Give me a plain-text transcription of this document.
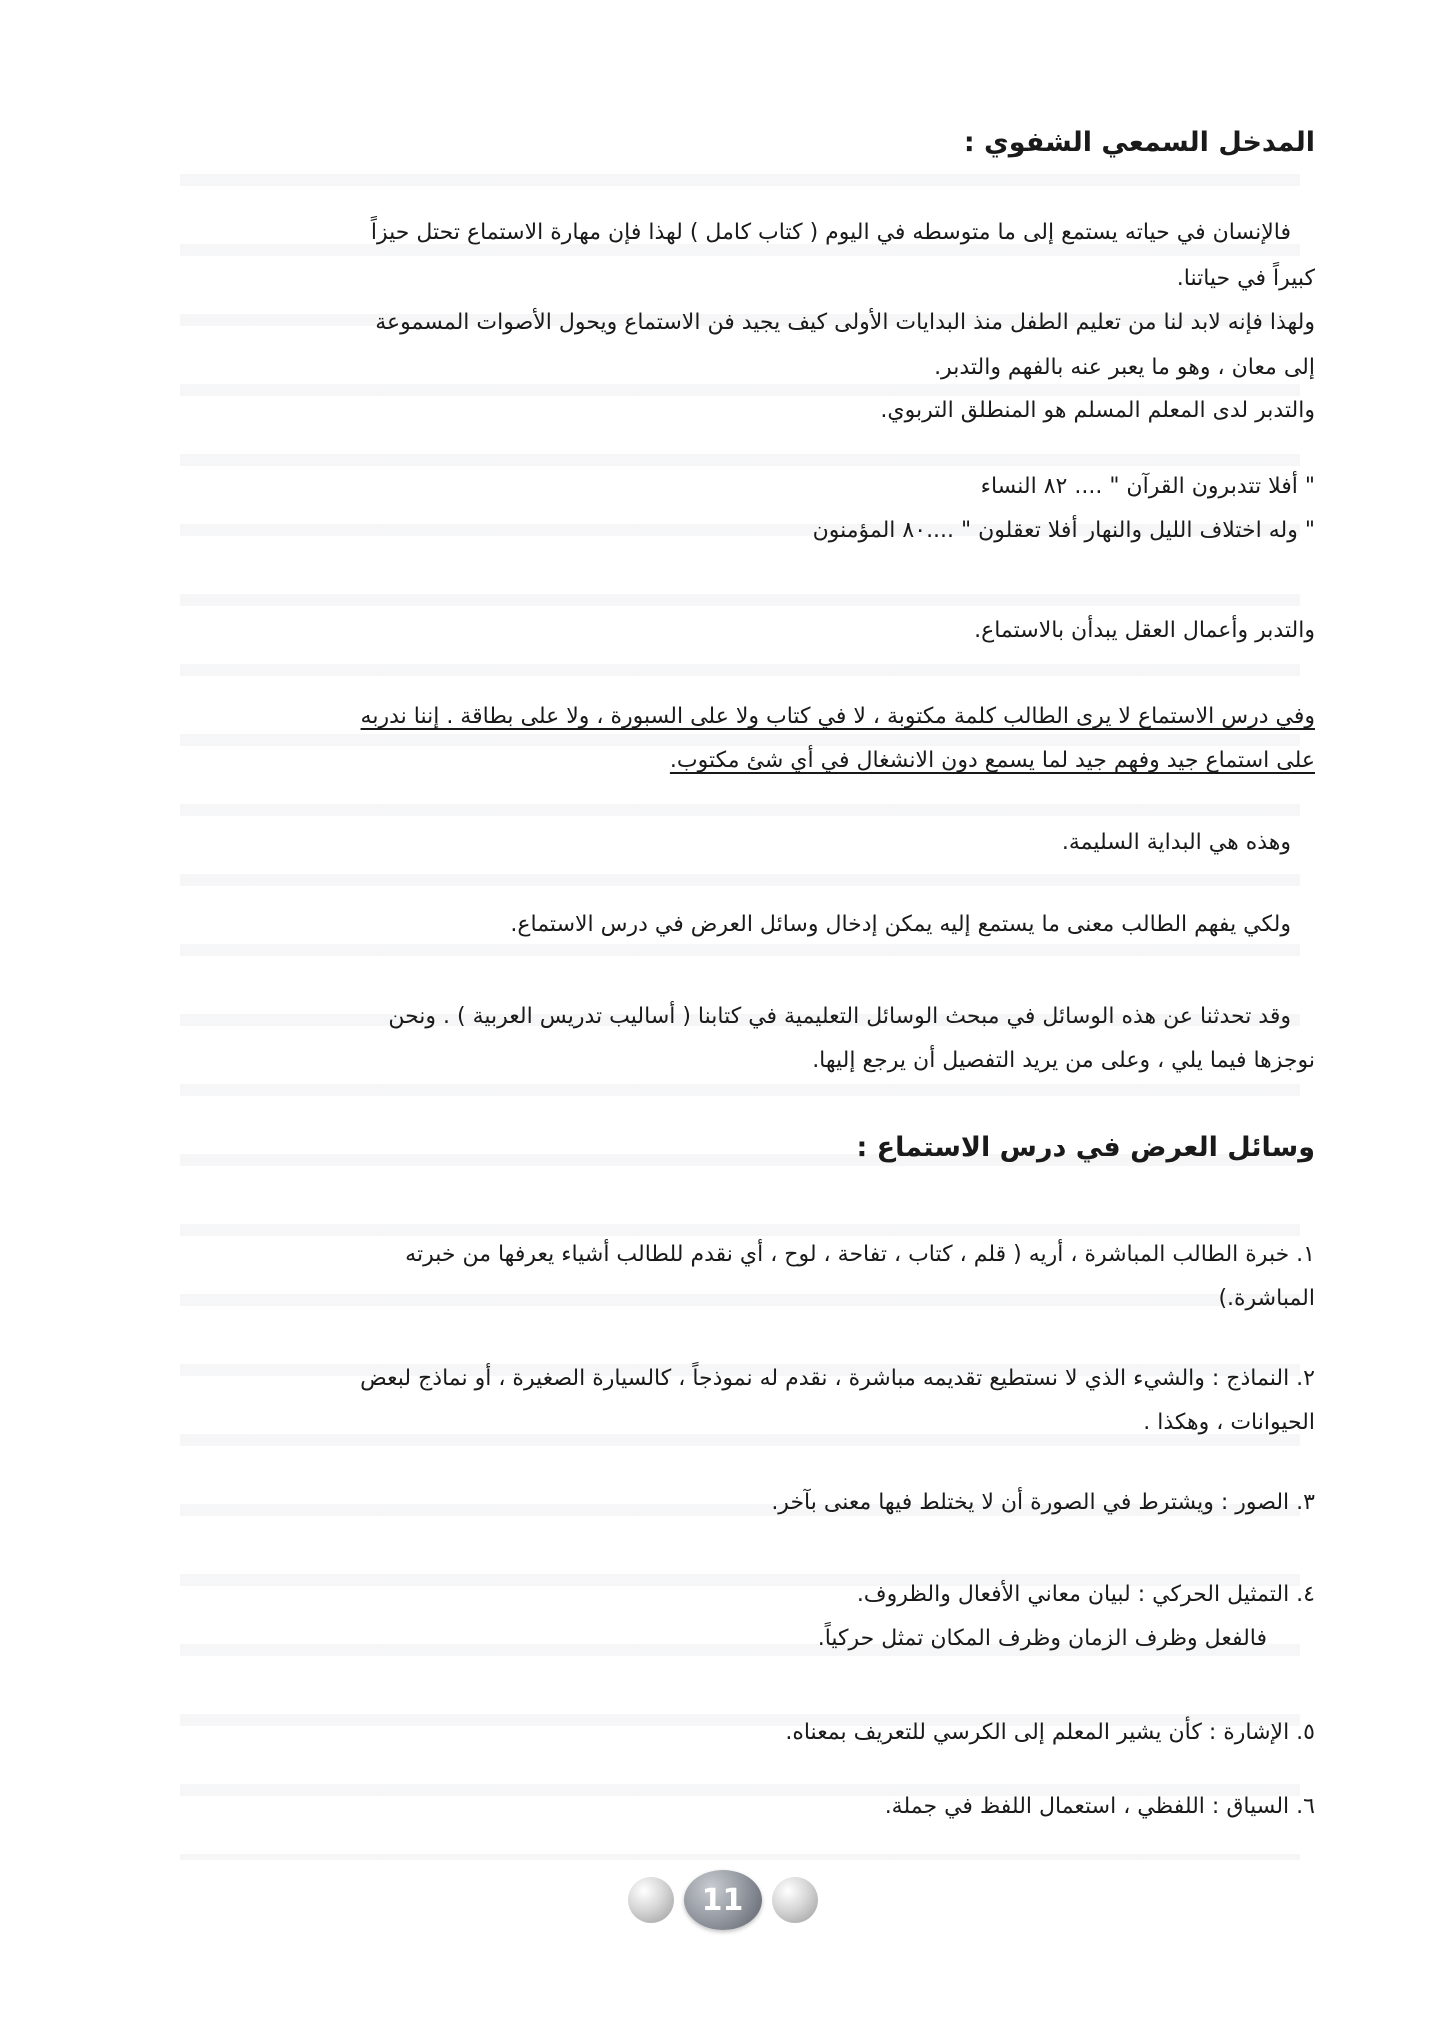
المدخل السمعي الشفوي :
فالإنسان في حياته يستمع إلى ما متوسطه في اليوم ( كتاب كامل ) لهذا فإن مهارة الاستماع تحتل حيزاً
كبيراً في حياتنا.
ولهذا فإنه لابد لنا من تعليم الطفل منذ البدايات الأولى كيف يجيد فن الاستماع ويحول الأصوات المسموعة
إلى معان ، وهو ما يعبر عنه بالفهم والتدبر.
والتدبر لدى المعلم المسلم هو المنطلق التربوي.
" أفلا تتدبرون القرآن " .... ٨٢ النساء
" وله اختلاف الليل والنهار أفلا تعقلون " ....٨٠ المؤمنون
والتدبر وأعمال العقل يبدأن بالاستماع.
وفي درس الاستماع لا يرى الطالب كلمة مكتوبة ، لا في كتاب ولا على السبورة ، ولا على بطاقة . إننا ندربه
على استماع جيد وفهم جيد لما يسمع دون الانشغال في أي شئ مكتوب.
وهذه هي البداية السليمة.
ولكي يفهم الطالب معنى ما يستمع إليه يمكن إدخال وسائل العرض في درس الاستماع.
وقد تحدثنا عن هذه الوسائل في مبحث الوسائل التعليمية في كتابنا ( أساليب تدريس العربية ) . ونحن
نوجزها فيما يلي ، وعلى من يريد التفصيل أن يرجع إليها.
وسائل العرض في درس الاستماع :
١. خبرة الطالب المباشرة ، أريه ( قلم ، كتاب ، تفاحة ، لوح ، أي نقدم للطالب أشياء يعرفها من خبرته
المباشرة.)
٢. النماذج : والشيء الذي لا نستطيع تقديمه مباشرة ، نقدم له نموذجاً ، كالسيارة الصغيرة ، أو نماذج لبعض
الحيوانات ، وهكذا .
٣. الصور : ويشترط في الصورة أن لا يختلط فيها معنى بآخر.
٤. التمثيل الحركي : لبيان معاني الأفعال والظروف.
فالفعل وظرف الزمان وظرف المكان تمثل حركياً.
٥. الإشارة : كأن يشير المعلم إلى الكرسي للتعريف بمعناه.
٦. السياق : اللفظي ، استعمال اللفظ في جملة.
11
